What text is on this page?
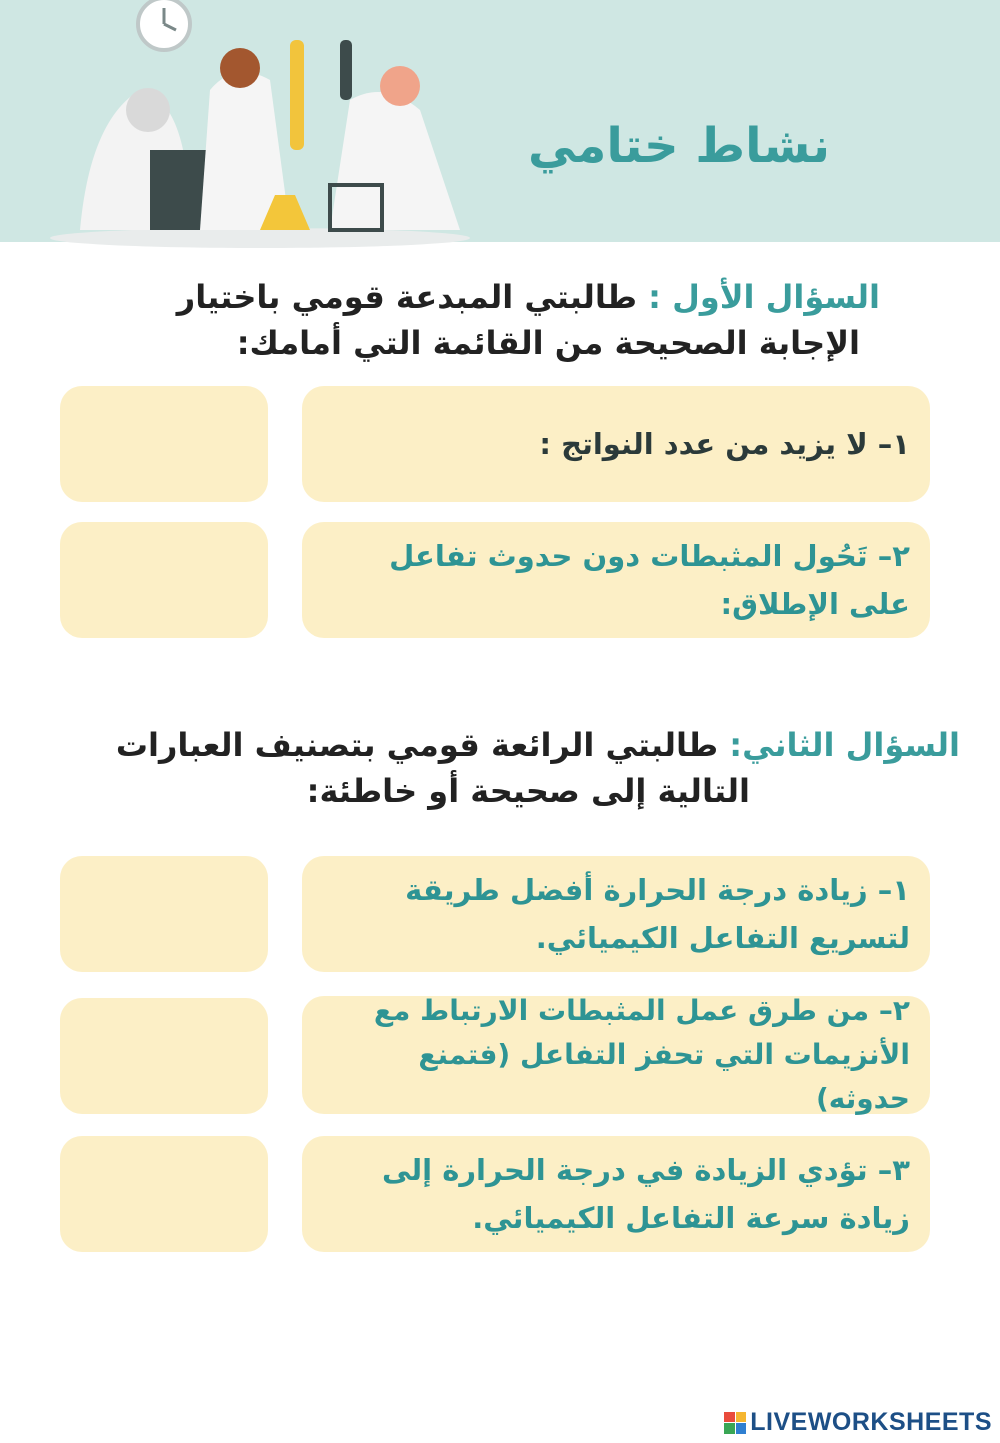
نشاط ختامي
السؤال الأول : طالبتي المبدعة قومي باختيار
الإجابة الصحيحة من القائمة التي أمامك:
١– لا يزيد من عدد النواتج :
٢– تَحُول المثبطات دون حدوث تفاعل على الإطلاق:
السؤال الثاني: طالبتي الرائعة قومي بتصنيف العبارات
التالية إلى صحيحة أو خاطئة:
١– زيادة درجة الحرارة أفضل طريقة لتسريع التفاعل الكيميائي.
٢– من طرق عمل المثبطات الارتباط مع الأنزيمات التي تحفز التفاعل (فتمنع حدوثه)
٣– تؤدي الزيادة في درجة الحرارة إلى زيادة سرعة التفاعل الكيميائي.
LIVEWORKSHEETS
